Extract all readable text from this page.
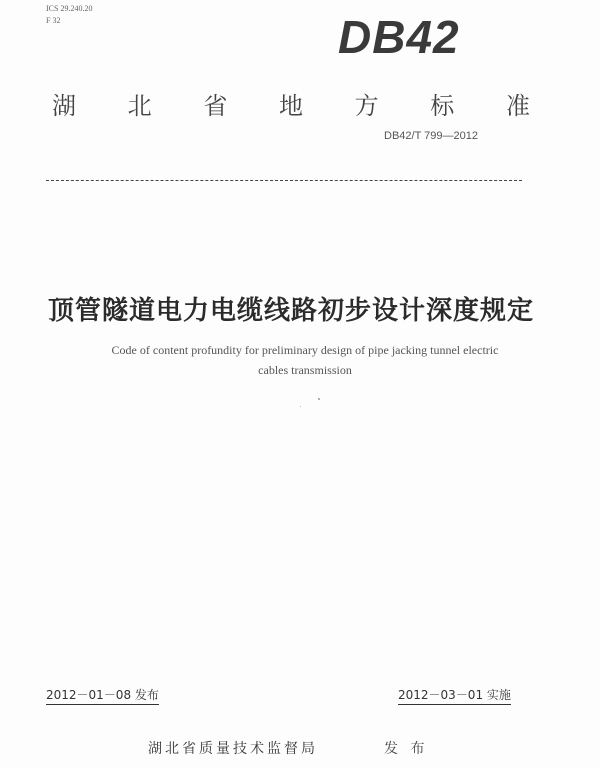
ICS 29.240.20
F 32	DB42
湖 北 省 地 方 标 准
DB42/T 799—2012
顶管隧道电力电缆线路初步设计深度规定
Code of content profundity for preliminary design of pipe jacking tunnel electric
cables transmission
2012－01－08 发布	2012－03－01 实施
湖北省质量技术监督局	发 布
